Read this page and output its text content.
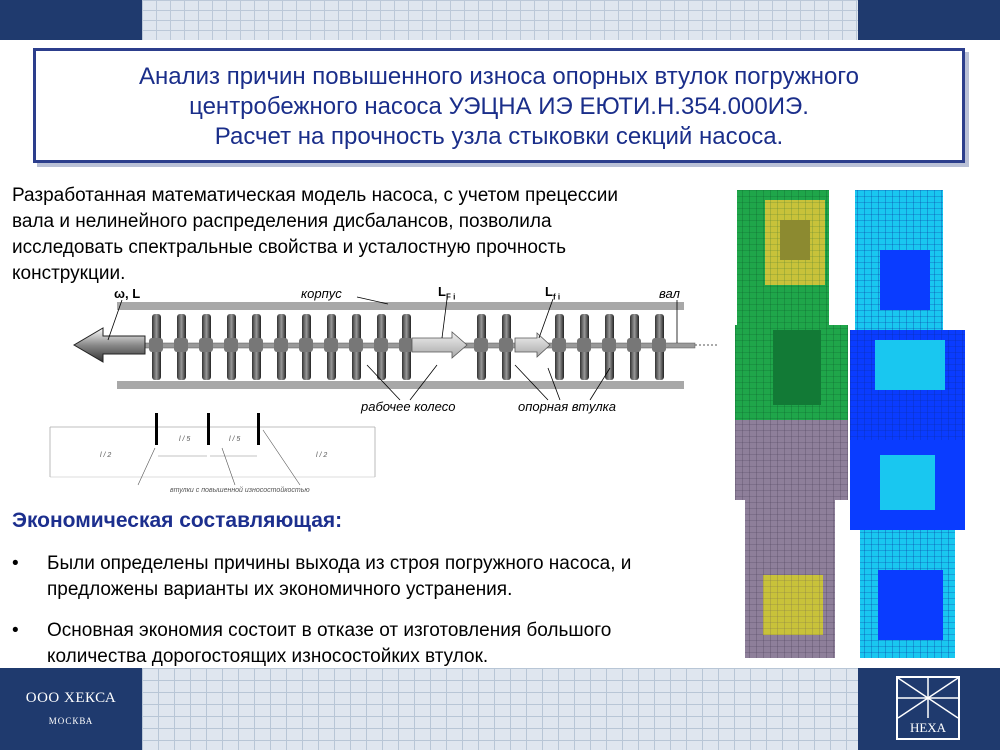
Анализ причин повышенного износа опорных втулок погружного
центробежного насоса УЭЦНА ИЭ ЕЮТИ.Н.354.000ИЭ.
Расчет на прочность узла стыковки секций насоса.
Разработанная математическая модель насоса, с учетом прецессии
вала и нелинейного распределения дисбалансов, позволила
исследовать спектральные свойства и усталостную прочность
конструкции.
ω, L	корпус	$L_{F i}$	$L_{f i}$	вал
рабочее колесо	опорная втулка
l / 2
l / 5	l / 5
l / 2
втулки с повышенной износостойкостью
Экономическая составляющая:
• Были определены причины выхода из строя погружного насоса, и
предложены варианты их экономичного устранения.
• Основная экономия состоит в отказе от изготовления большого
количества дорогостоящих износостойких втулок.
ООО ХЕКСА
МОСКВА	HEXA
